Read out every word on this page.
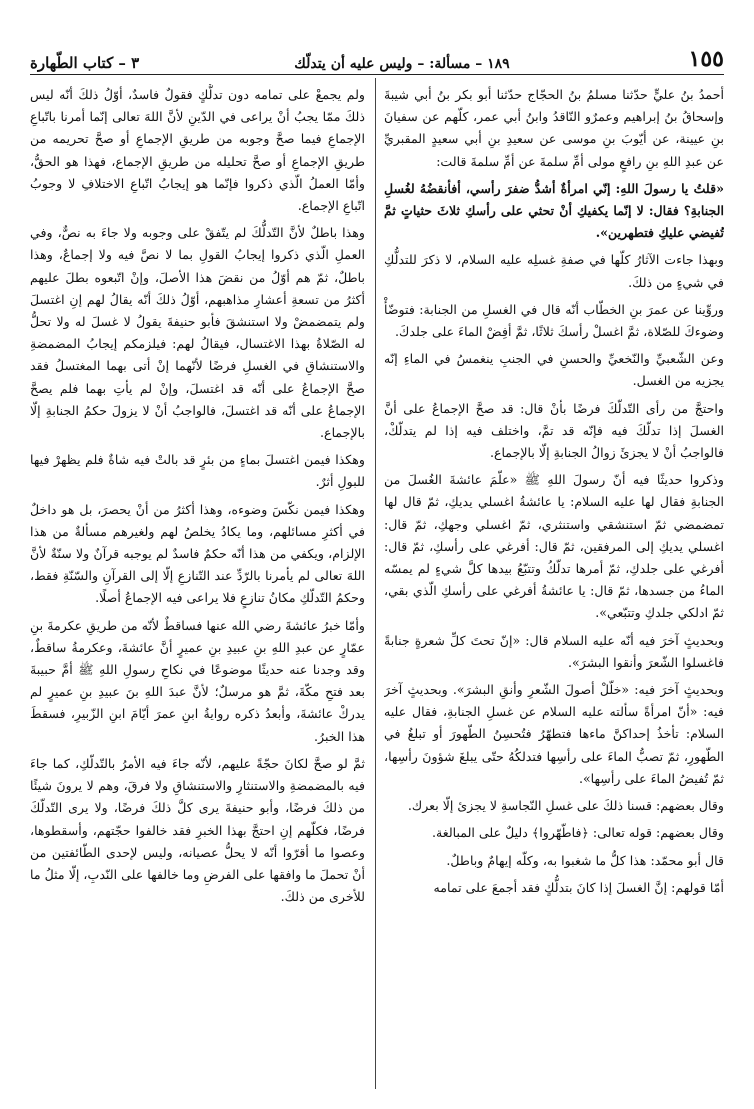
١٥٥
١٨٩ – مسألة: – وليس عليه أن يتدلّك
٣ – كتاب الطّهارة

أحمدُ بنُ عليٍّ حدّثنا مسلمُ بنُ الحجّاج حدّثنا أبو بكر بنُ أبي شيبةَ وإسحاقُ بنُ إبراهيم وعمرٌو النّاقدُ وابنُ أبي عمر، كلّهم عن سفيانَ بنِ عيينة، عن أيّوبَ بنِ موسى عن سعيدِ بنِ أبي سعيدٍ المقبريِّ عن عبدِ اللهِ بنِ رافعٍ مولى أمِّ سلمةَ عن أمِّ سلمةَ قالت:

«قلتُ يا رسولَ اللهِ: إنّي امرأةٌ أشدُّ ضفرَ رأسي، أفأنقضُهُ لغُسلِ الجنابةِ؟ فقال: لا إنّما يكفيكِ أنْ تحثي على رأسكِ ثلاثَ حثياتٍ ثمَّ تُفيضي عليكِ فتطهرين».

وبهذا جاءت الآثارُ كلّها في صفةِ غسلِه عليه السلام، لا ذكرَ للتدلُّكِ في شيءٍ من ذلكَ.

وروِّينا عن عمرَ بنِ الخطّاب أنّه قال في الغسلِ من الجنابة: فتوضّأْ وضوءكَ للصّلاة، ثمَّ اغسلْ رأسكَ ثلاثًا، ثمَّ أفِضْ الماءَ على جلدكَ.

وعن الشّعبيِّ والنّخعيِّ والحسنِ في الجنبِ ينغمسُ في الماءِ إنّه يجزيه من الغسل.

واحتجَّ من رأى التّدلّكَ فرضًا بأنْ قال: قد صحَّ الإجماعُ على أنَّ الغسلَ إذا تدلّكَ فيه فإنّه قد تمَّ، واختلف فيه إذا لم يتدلّكْ، فالواجبُ أنْ لا يجزئَ زوالُ الجنابةِ إلّا بالإجماع.

وذكروا حديثًا فيه أنّ رسولَ اللهِ ﷺ «علّمَ عائشةَ الغُسلَ من الجنابةِ فقال لها عليه السلام: يا عائشةُ اغسلي يديكِ، ثمّ قال لها تمضمضي ثمّ استنشقي واستنثري، ثمّ اغسلي وجهكِ، ثمّ قال: اغسلي يديكِ إلى المرفقين، ثمّ قال: أفرغي على رأسكِ، ثمّ قال: أفرغي على جلدكِ، ثمّ أمرها تدلّكُ وتتبّعُ بيدها كلَّ شيءٍ لم يمسّه الماءُ من جسدها، ثمّ قال: يا عائشةُ أفرغي على رأسكِ الّذي بقي، ثمّ ادلكي جلدكِ وتتبّعي».

وبحديثٍ آخرَ فيه أنّه عليه السلام قال: «إنّ تحتَ كلِّ شعرةٍ جنابةً فاغسلوا الشّعرَ وأنقوا البشرَ».

وبحديثٍ آخرَ فيه: «خلّلْ أصولَ الشّعرِ وأنقِ البشرَ». وبحديثٍ آخرَ فيه: «أنّ امرأةً سألته عليه السلام عن غسلِ الجنابةِ، فقال عليه السلام: تأخذُ إحداكنَّ ماءها فتطهّرُ فتُحسِنُ الطّهورَ أو تبلغُ في الطّهورِ، ثمّ تصبُّ الماءَ على رأسِها فتدلكُهُ حتّى يبلغَ شؤونَ رأسِها، ثمّ تُفيضُ الماءَ على رأسِها».

وقال بعضهم: قسنا ذلكَ على غسلِ النّجاسةِ لا يجزئ إلّا بعرك.

وقال بعضهم: قوله تعالى: ﴿فاطّهّروا﴾ دليلٌ على المبالغة.

قال أبو محمّد: هذا كلُّ ما شغبوا به، وكلّه إيهامٌ وباطلٌ.

أمّا قولهم: إنَّ الغسلَ إذا كانَ بتدلُّكٍ فقد أجمعَ على تمامه

ولم يجمعْ على تمامه دون تدلُّكٍ فقولٌ فاسدٌ، أوّلُ ذلكَ أنّه ليس ذلكَ ممّا يجبُ أنْ يراعى في الدّينِ لأنَّ اللهَ تعالى إنّما أمرنا باتّباعِ الإجماعِ فيما صحَّ وجوبه من طريقِ الإجماعِ أو صحَّ تحريمه من طريقِ الإجماعِ أو صحَّ تحليله من طريقِ الإجماع، فهذا هو الحقُّ، وأمّا العملُ الّذي ذكروا فإنّما هو إيجابُ اتّباعِ الاختلافِ لا وجوبُ اتّباعِ الإجماع.

وهذا باطلٌ لأنَّ التّدلُّكَ لم يتّفقْ على وجوبه ولا جاءَ به نصٌّ، وفي العملِ الّذي ذكروا إيجابُ القولِ بما لا نصَّ فيه ولا إجماعٌ، وهذا باطلٌ، ثمّ هم أوّلُ من نقضَ هذا الأصلَ، وإنْ اتّبعوه بطلَ عليهم أكثرُ من تسعةِ أعشارِ مذاهبهم، أوّلُ ذلكَ أنّه يقالُ لهم إنِ اغتسلَ ولم يتمضمضْ ولا استنشقَ فأبو حنيفةَ يقولُ لا غسلَ له ولا تحلُّ له الصّلاةُ بهذا الاغتسال، فيقالُ لهم: فيلزمكم إيجابُ المضمضةِ والاستنشاقِ في الغسلِ فرضًا لأنّهما إنْ أتى بهما المغتسلُ فقد صحَّ الإجماعُ على أنّه قد اغتسلَ، وإنْ لم يأتِ بهما فلم يصحَّ الإجماعُ على أنّه قد اغتسلَ، فالواجبُ أنْ لا يزولَ حكمُ الجنابةِ إلّا بالإجماع.

وهكذا فيمن اغتسلَ بماءٍ من بئرٍ قد بالتْ فيه شاةٌ فلم يظهرْ فيها للبولِ أثرٌ.

وهكذا فيمن نكّسَ وضوءه، وهذا أكثرُ من أنْ يحصرَ، بل هو داخلٌ في أكثرِ مسائلهم، وما يكادُ يخلصُ لهم ولغيرهم مسألةٌ من هذا الإلزام، ويكفي من هذا أنّه حكمٌ فاسدٌ لم يوجبه قرآنٌ ولا سنّةٌ لأنَّ اللهَ تعالى لم يأمرنا بالرّدِّ عند التّنازعِ إلّا إلى القرآنِ والسّنّةِ فقط، وحكمُ التّدلّكِ مكانُ تنازعٍ فلا يراعى فيه الإجماعُ أصلًا.

وأمّا خبرُ عائشةَ رضي الله عنها فساقطٌ لأنّه من طريقِ عكرمةَ بنِ عمّارٍ عن عبدِ اللهِ بنِ عبيدِ بنِ عميرٍ أنَّ عائشةَ، وعكرمةُ ساقطٌ، وقد وجدنا عنه حديثًا موضوعًا في نكاحِ رسولِ اللهِ ﷺ أمَّ حبيبةَ بعد فتحِ مكّةَ، ثمَّ هو مرسلٌ؛ لأنَّ عبدَ اللهِ بنَ عبيدِ بنِ عميرٍ لم يدركْ عائشةَ، وأبعدُ ذكره روايةُ ابنِ عمرَ أيّامَ ابنِ الزّبيرِ، فسقطَ هذا الخبرُ.

ثمَّ لو صحَّ لكانَ حجّةً عليهم، لأنّه جاءَ فيه الأمرُ بالتّدلّكِ، كما جاءَ فيه بالمضمضةِ والاستنثارِ والاستنشاقِ ولا فرقَ، وهم لا يرونَ شيئًا من ذلكَ فرضًا، وأبو حنيفةَ يرى كلَّ ذلكَ فرضًا، ولا يرى التّدلّكَ فرضًا، فكلّهم إنِ احتجَّ بهذا الخبرِ فقد خالفوا حجّتهم، وأسقطوها، وعصوا ما أقرّوا أنّه لا يحلُّ عصيانه، وليس لإحدى الطّائفتين من أنْ تحملَ ما وافقها على الفرضِ وما خالفها على النّدبِ، إلّا مثلُ ما للأخرى من ذلكَ.
